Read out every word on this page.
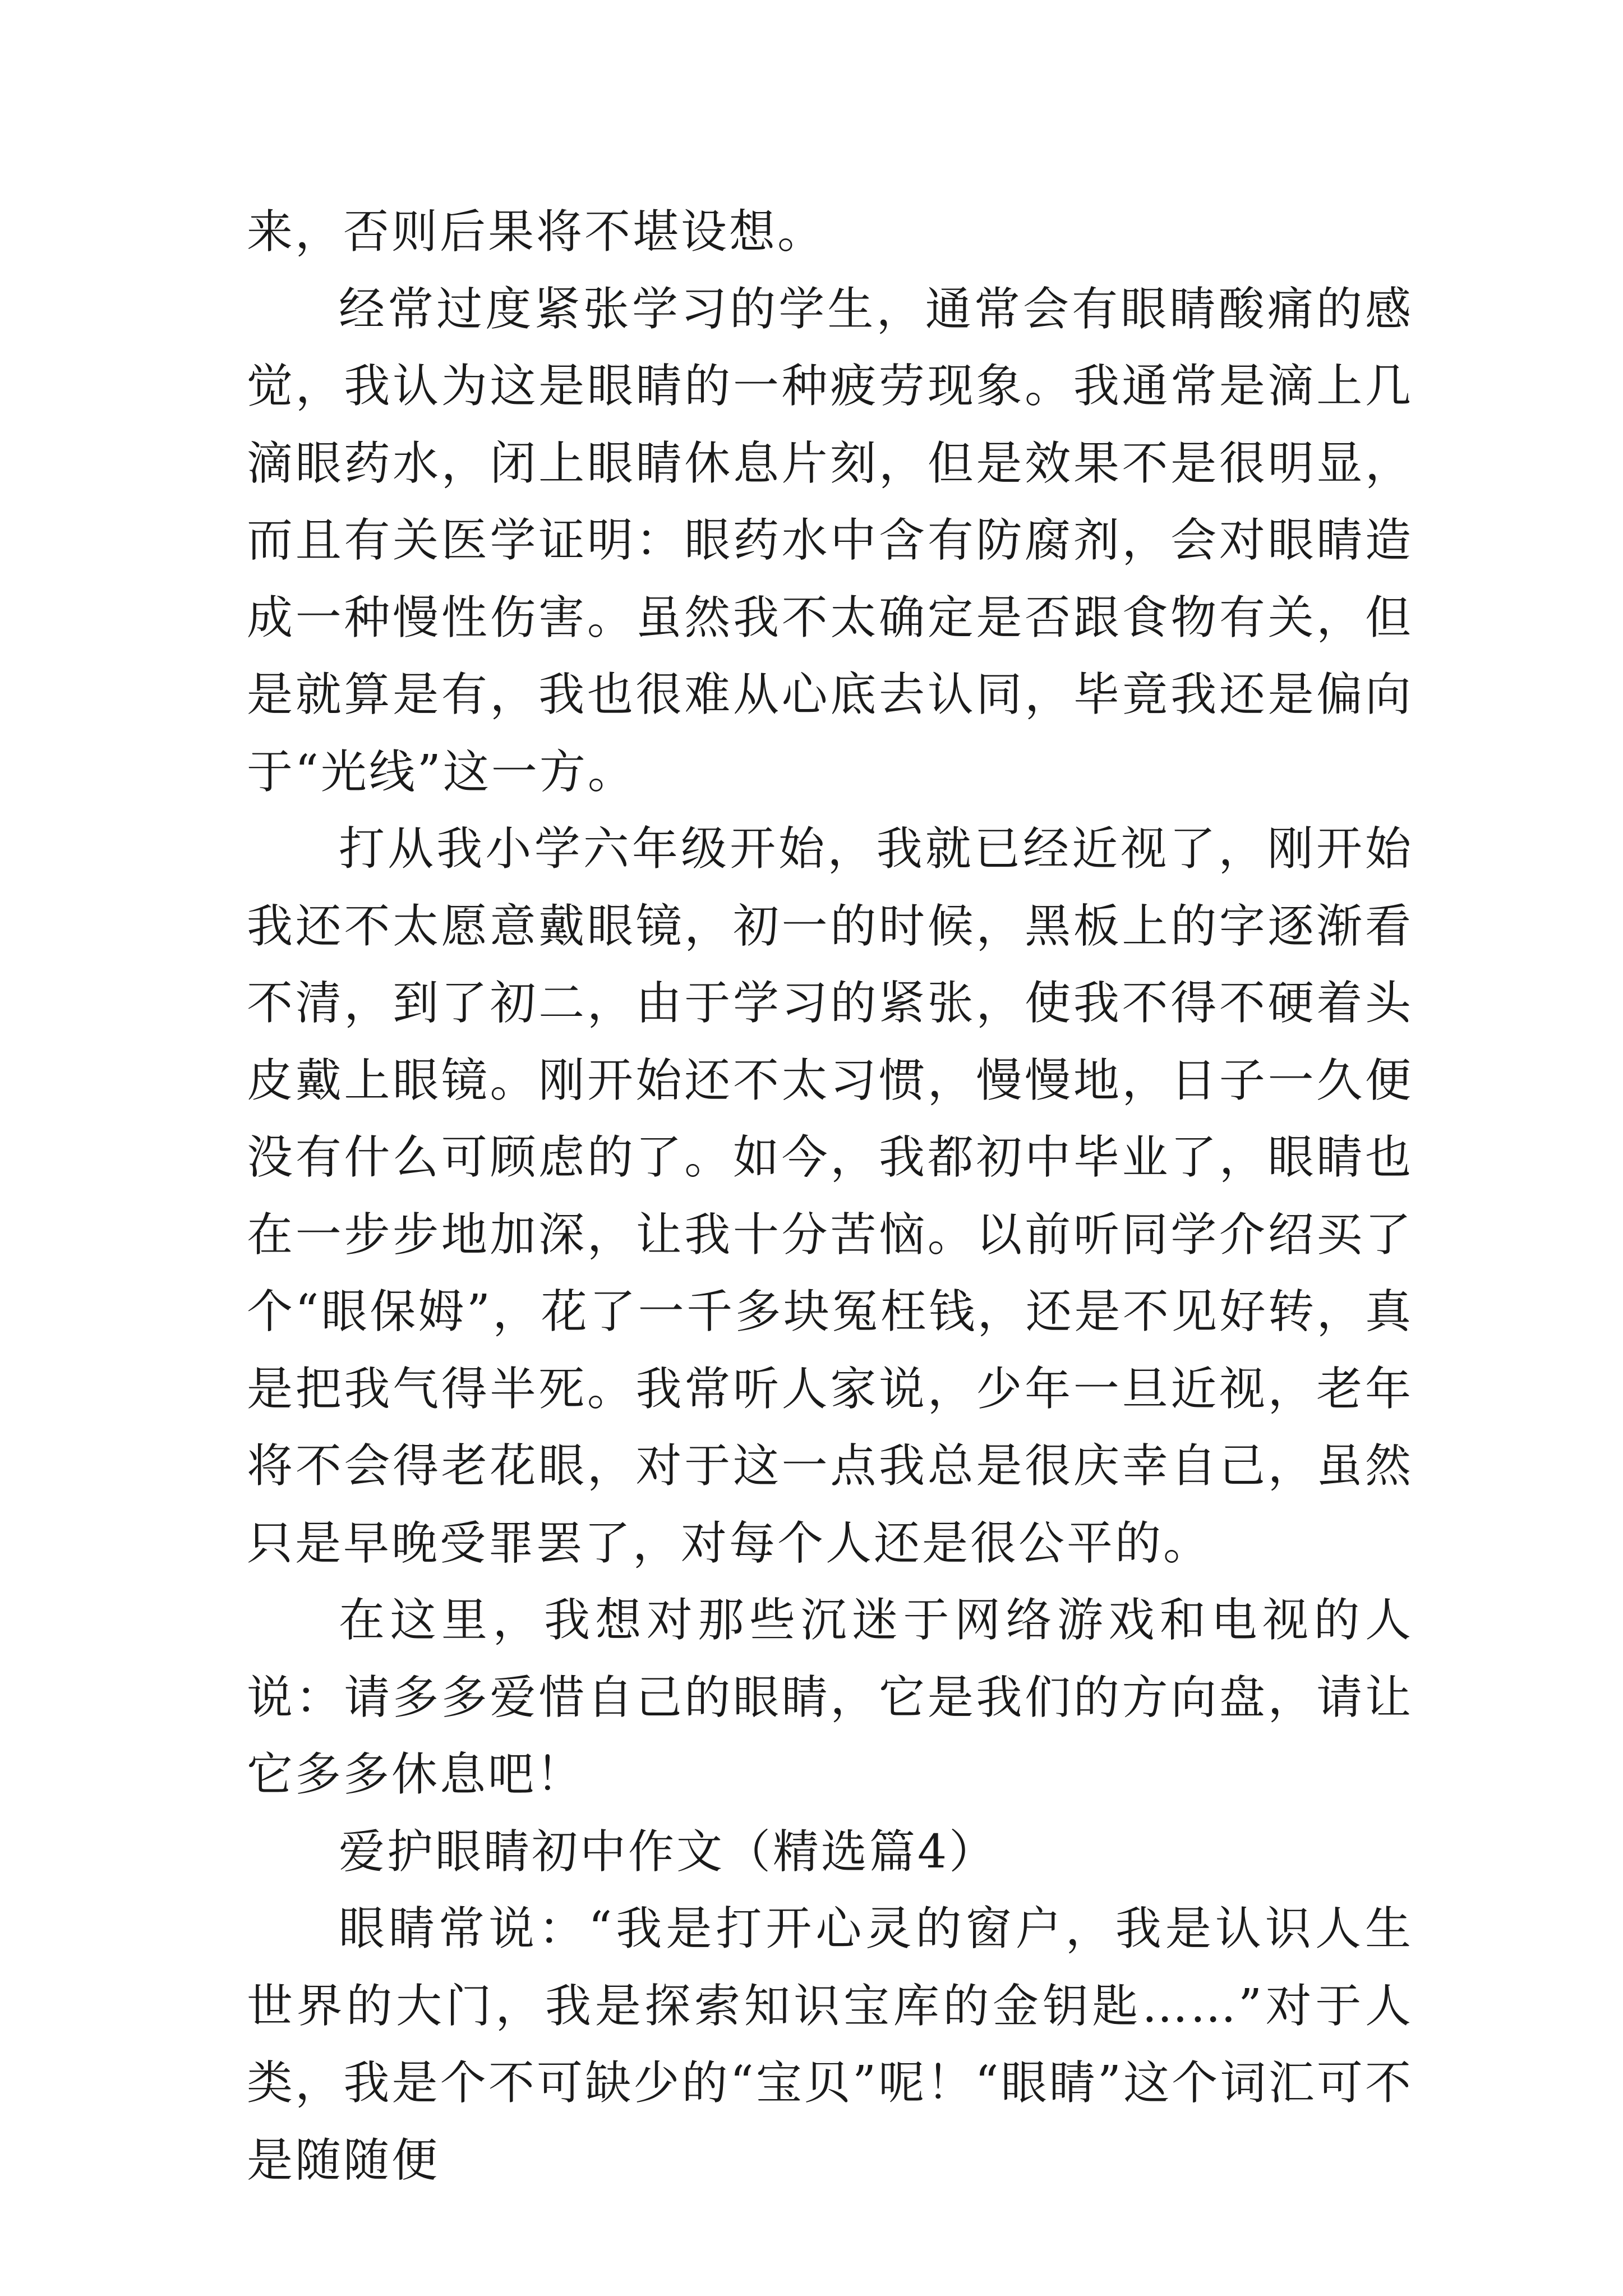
来，否则后果将不堪设想。

经常过度紧张学习的学生，通常会有眼睛酸痛的感觉，我认为这是眼睛的一种疲劳现象。我通常是滴上几滴眼药水，闭上眼睛休息片刻，但是效果不是很明显，而且有关医学证明：眼药水中含有防腐剂，会对眼睛造成一种慢性伤害。虽然我不太确定是否跟食物有关，但是就算是有，我也很难从心底去认同，毕竟我还是偏向于“光线”这一方。

打从我小学六年级开始，我就已经近视了，刚开始我还不太愿意戴眼镜，初一的时候，黑板上的字逐渐看不清，到了初二，由于学习的紧张，使我不得不硬着头皮戴上眼镜。刚开始还不太习惯，慢慢地，日子一久便没有什么可顾虑的了。如今，我都初中毕业了，眼睛也在一步步地加深，让我十分苦恼。以前听同学介绍买了个“眼保姆”，花了一千多块冤枉钱，还是不见好转，真是把我气得半死。我常听人家说，少年一旦近视，老年将不会得老花眼，对于这一点我总是很庆幸自己，虽然只是早晚受罪罢了，对每个人还是很公平的。

在这里，我想对那些沉迷于网络游戏和电视的人说：请多多爱惜自己的眼睛，它是我们的方向盘，请让它多多休息吧！

爱护眼睛初中作文（精选篇4）

眼睛常说：“我是打开心灵的窗户，我是认识人生世界的大门，我是探索知识宝库的金钥匙……”对于人类，我是个不可缺少的“宝贝”呢！“眼睛”这个词汇可不是随随便
